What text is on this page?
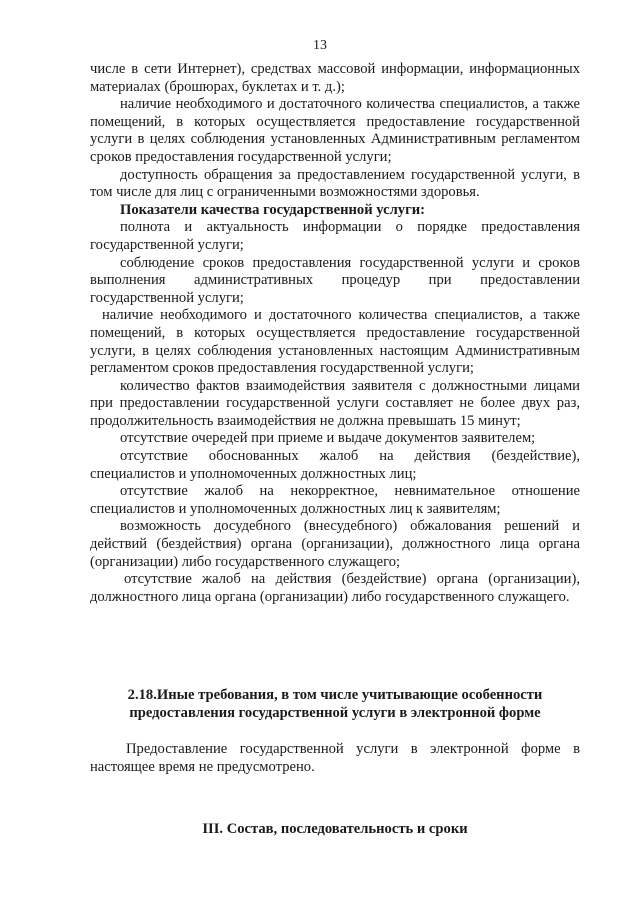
13

числе в сети Интернет), средствах массовой информации, информационных материалах (брошюрах, буклетах и т. д.);

наличие необходимого и достаточного количества специалистов, а также помещений, в которых осуществляется предоставление государственной услуги в целях соблюдения установленных Административным регламентом сроков предоставления государственной услуги;

доступность обращения за предоставлением государственной услуги, в том числе для лиц с ограниченными возможностями здоровья.

Показатели качества государственной услуги:

полнота и актуальность информации о порядке предоставления государственной услуги;

соблюдение сроков предоставления государственной услуги и сроков выполнения административных процедур при предоставлении государственной услуги;

наличие необходимого и достаточного количества специалистов, а также помещений, в которых осуществляется предоставление государственной услуги, в целях соблюдения установленных настоящим Административным регламентом сроков предоставления государственной услуги;

количество фактов взаимодействия заявителя с должностными лицами при предоставлении государственной услуги составляет не более двух раз, продолжительность взаимодействия не должна превышать 15 минут;

отсутствие очередей при приеме и выдаче документов заявителем;

отсутствие обоснованных жалоб на действия (бездействие), специалистов и уполномоченных должностных лиц;

отсутствие жалоб на некорректное, невнимательное отношение специалистов и уполномоченных должностных лиц к заявителям;

возможность досудебного (внесудебного) обжалования решений и действий (бездействия) органа (организации), должностного лица органа (организации) либо государственного служащего;

отсутствие жалоб на действия (бездействие) органа (организации), должностного лица органа (организации) либо государственного служащего.

2.18.Иные требования, в том числе учитывающие особенности
предоставления государственной услуги в электронной форме

Предоставление государственной услуги в электронной форме в настоящее время не предусмотрено.

III. Состав, последовательность и сроки
